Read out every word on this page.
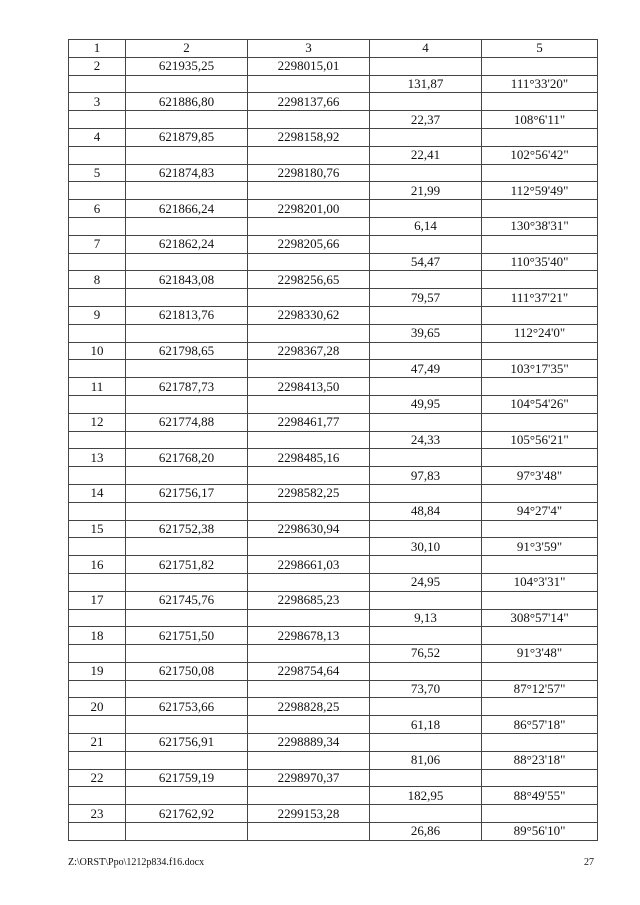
1	2	3	4	5
2	621935,25	2298015,01		
			131,87	111°33'20"
3	621886,80	2298137,66		
			22,37	108°6'11"
4	621879,85	2298158,92		
			22,41	102°56'42"
5	621874,83	2298180,76		
			21,99	112°59'49"
6	621866,24	2298201,00		
			6,14	130°38'31"
7	621862,24	2298205,66		
			54,47	110°35'40"
8	621843,08	2298256,65		
			79,57	111°37'21"
9	621813,76	2298330,62		
			39,65	112°24'0"
10	621798,65	2298367,28		
			47,49	103°17'35"
11	621787,73	2298413,50		
			49,95	104°54'26"
12	621774,88	2298461,77		
			24,33	105°56'21"
13	621768,20	2298485,16		
			97,83	97°3'48"
14	621756,17	2298582,25		
			48,84	94°27'4"
15	621752,38	2298630,94		
			30,10	91°3'59"
16	621751,82	2298661,03		
			24,95	104°3'31"
17	621745,76	2298685,23		
			9,13	308°57'14"
18	621751,50	2298678,13		
			76,52	91°3'48"
19	621750,08	2298754,64		
			73,70	87°12'57"
20	621753,66	2298828,25		
			61,18	86°57'18"
21	621756,91	2298889,34		
			81,06	88°23'18"
22	621759,19	2298970,37		
			182,95	88°49'55"
23	621762,92	2299153,28		
			26,86	89°56'10"
Z:\ORST\Ppo\1212p834.f16.docx	27
